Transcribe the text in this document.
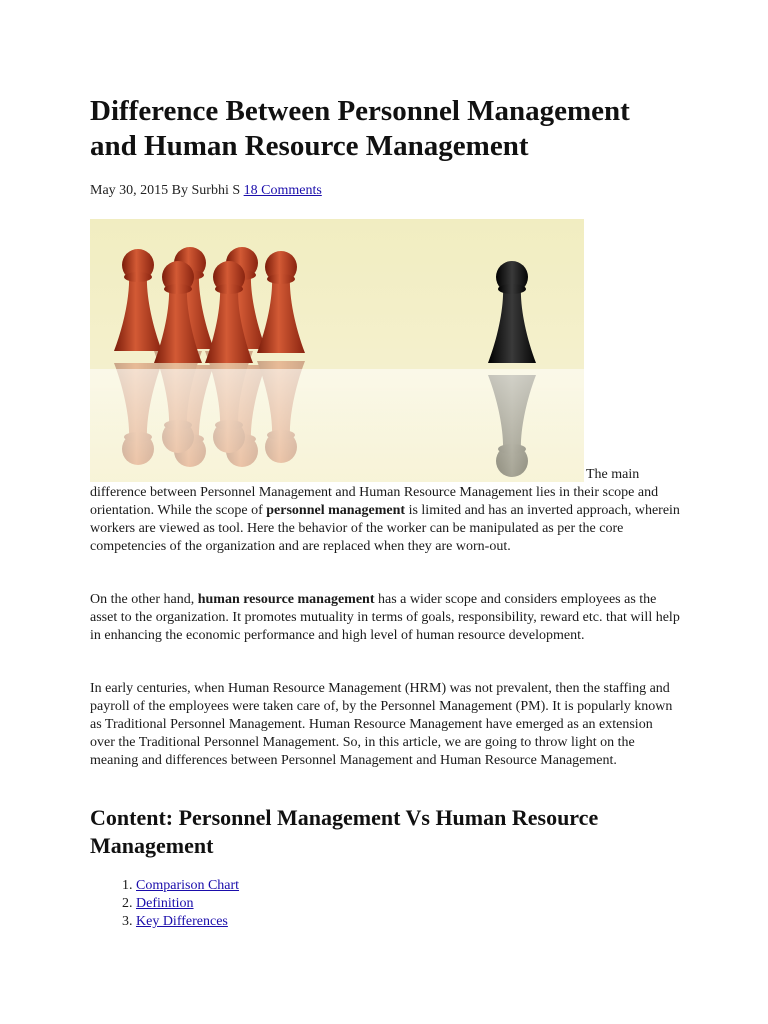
Difference Between Personnel Management and Human Resource Management
May 30, 2015 By Surbhi S 18 Comments
The main
difference between Personnel Management and Human Resource Management lies in their scope and orientation. While the scope of personnel management is limited and has an inverted approach, wherein workers are viewed as tool. Here the behavior of the worker can be manipulated as per the core competencies of the organization and are replaced when they are worn-out.

On the other hand, human resource management has a wider scope and considers employees as the asset to the organization. It promotes mutuality in terms of goals, responsibility, reward etc. that will help in enhancing the economic performance and high level of human resource development.

In early centuries, when Human Resource Management (HRM) was not prevalent, then the staffing and payroll of the employees were taken care of, by the Personnel Management (PM). It is popularly known as Traditional Personnel Management. Human Resource Management have emerged as an extension over the Traditional Personnel Management. So, in this article, we are going to throw light on the meaning and differences between Personnel Management and Human Resource Management.

Content: Personnel Management Vs Human Resource Management
1. Comparison Chart
2. Definition
3. Key Differences
